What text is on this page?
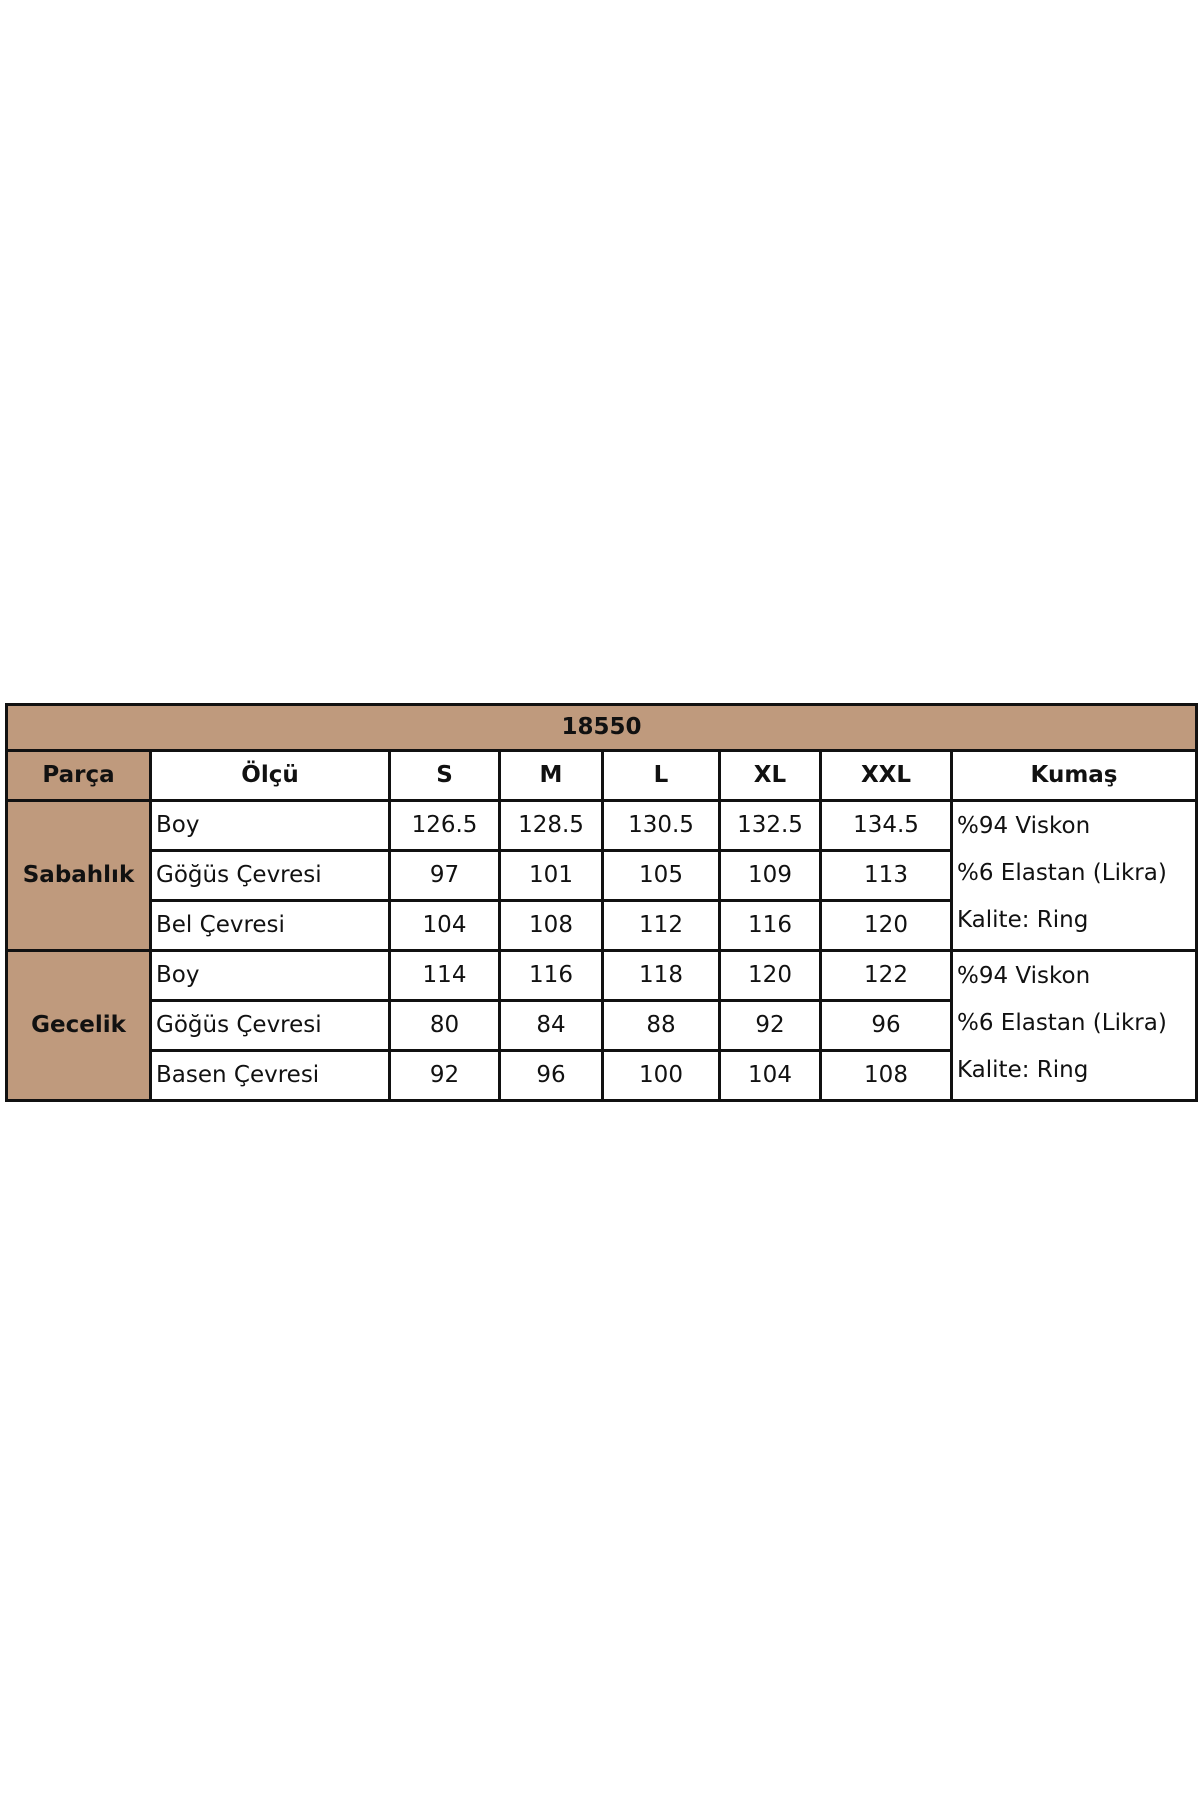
18550							
Parça	Ölçü	S	M	L	XL	XXL	Kumaş
Sabahlık	Boy	126.5	128.5	130.5	132.5	134.5	%94 Viskon
%6 Elastan (Likra)
Kalite: Ring

	Göğüs Çevresi	97	101	105	109	113	
	Bel Çevresi	104	108	112	116	120	
Gecelik	Boy	114	116	118	120	122	%94 Viskon
%6 Elastan (Likra)
Kalite: Ring

	Göğüs Çevresi	80	84	88	92	96	
	Basen Çevresi	92	96	100	104	108	
